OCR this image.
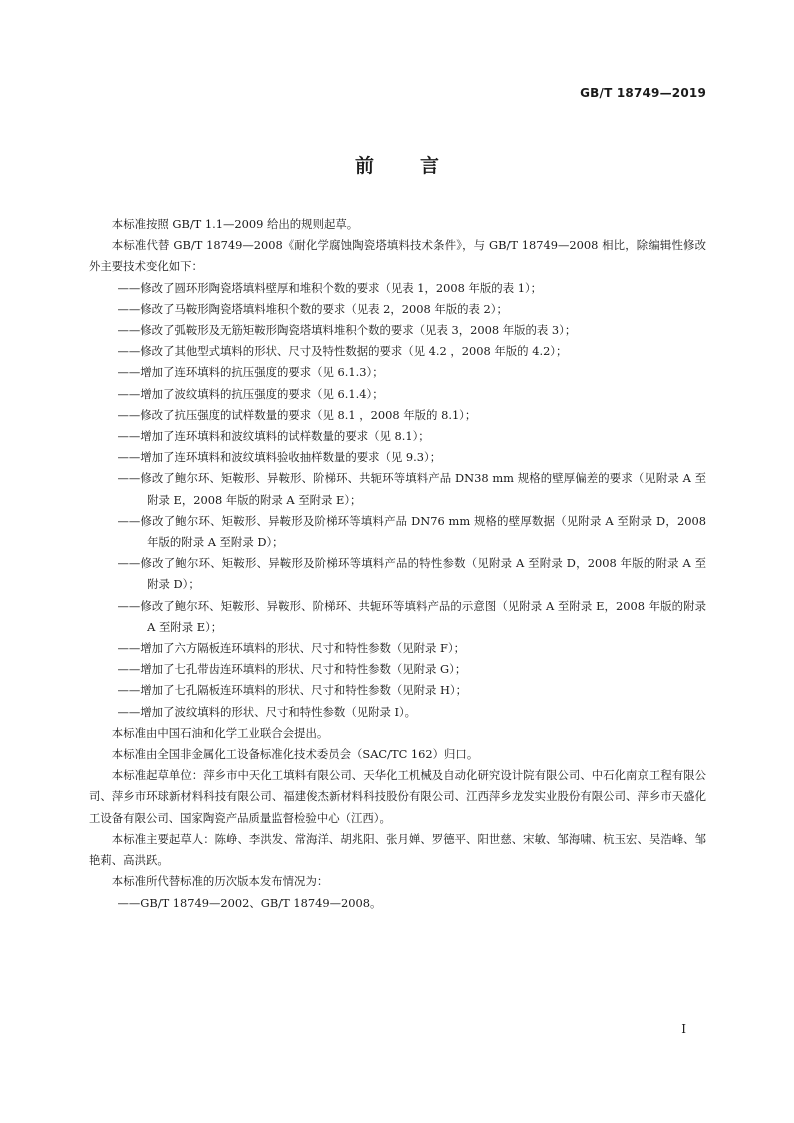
GB/T 18749—2019
前言
本标准按照 GB/T 1.1—2009 给出的规则起草。
本标准代替 GB/T 18749—2008《耐化学腐蚀陶瓷塔填料技术条件》，与 GB/T 18749—2008 相比，除编辑性修改外主要技术变化如下：
——修改了圆环形陶瓷塔填料壁厚和堆积个数的要求（见表 1，2008 年版的表 1）；
——修改了马鞍形陶瓷塔填料堆积个数的要求（见表 2，2008 年版的表 2）；
——修改了弧鞍形及无筋矩鞍形陶瓷塔填料堆积个数的要求（见表 3，2008 年版的表 3）；
——修改了其他型式填料的形状、尺寸及特性数据的要求（见 4.2 ，2008 年版的 4.2）；
——增加了连环填料的抗压强度的要求（见 6.1.3）；
——增加了波纹填料的抗压强度的要求（见 6.1.4）；
——修改了抗压强度的试样数量的要求（见 8.1 ，2008 年版的 8.1）；
——增加了连环填料和波纹填料的试样数量的要求（见 8.1）；
——增加了连环填料和波纹填料验收抽样数量的要求（见 9.3）；
——修改了鲍尔环、矩鞍形、异鞍形、阶梯环、共轭环等填料产品 DN38 mm 规格的壁厚偏差的要求（见附录 A 至附录 E，2008 年版的附录 A 至附录 E）；
——修改了鲍尔环、矩鞍形、异鞍形及阶梯环等填料产品 DN76 mm 规格的壁厚数据（见附录 A 至附录 D，2008 年版的附录 A 至附录 D）；
——修改了鲍尔环、矩鞍形、异鞍形及阶梯环等填料产品的特性参数（见附录 A 至附录 D，2008 年版的附录 A 至附录 D）；
——修改了鲍尔环、矩鞍形、异鞍形、阶梯环、共轭环等填料产品的示意图（见附录 A 至附录 E，2008 年版的附录 A 至附录 E）；
——增加了六方隔板连环填料的形状、尺寸和特性参数（见附录 F）；
——增加了七孔带齿连环填料的形状、尺寸和特性参数（见附录 G）；
——增加了七孔隔板连环填料的形状、尺寸和特性参数（见附录 H）；
——增加了波纹填料的形状、尺寸和特性参数（见附录 I）。
本标准由中国石油和化学工业联合会提出。
本标准由全国非金属化工设备标准化技术委员会（SAC/TC 162）归口。
本标准起草单位：萍乡市中天化工填料有限公司、天华化工机械及自动化研究设计院有限公司、中石化南京工程有限公司、萍乡市环球新材料科技有限公司、福建俊杰新材料科技股份有限公司、江西萍乡龙发实业股份有限公司、萍乡市天盛化工设备有限公司、国家陶瓷产品质量监督检验中心（江西）。
本标准主要起草人：陈峥、李洪发、常海洋、胡兆阳、张月婵、罗德平、阳世慈、宋敏、邹海啸、杭玉宏、吴浩峰、邹艳莉、高洪跃。
本标准所代替标准的历次版本发布情况为：
——GB/T 18749—2002、GB/T 18749—2008。
I
